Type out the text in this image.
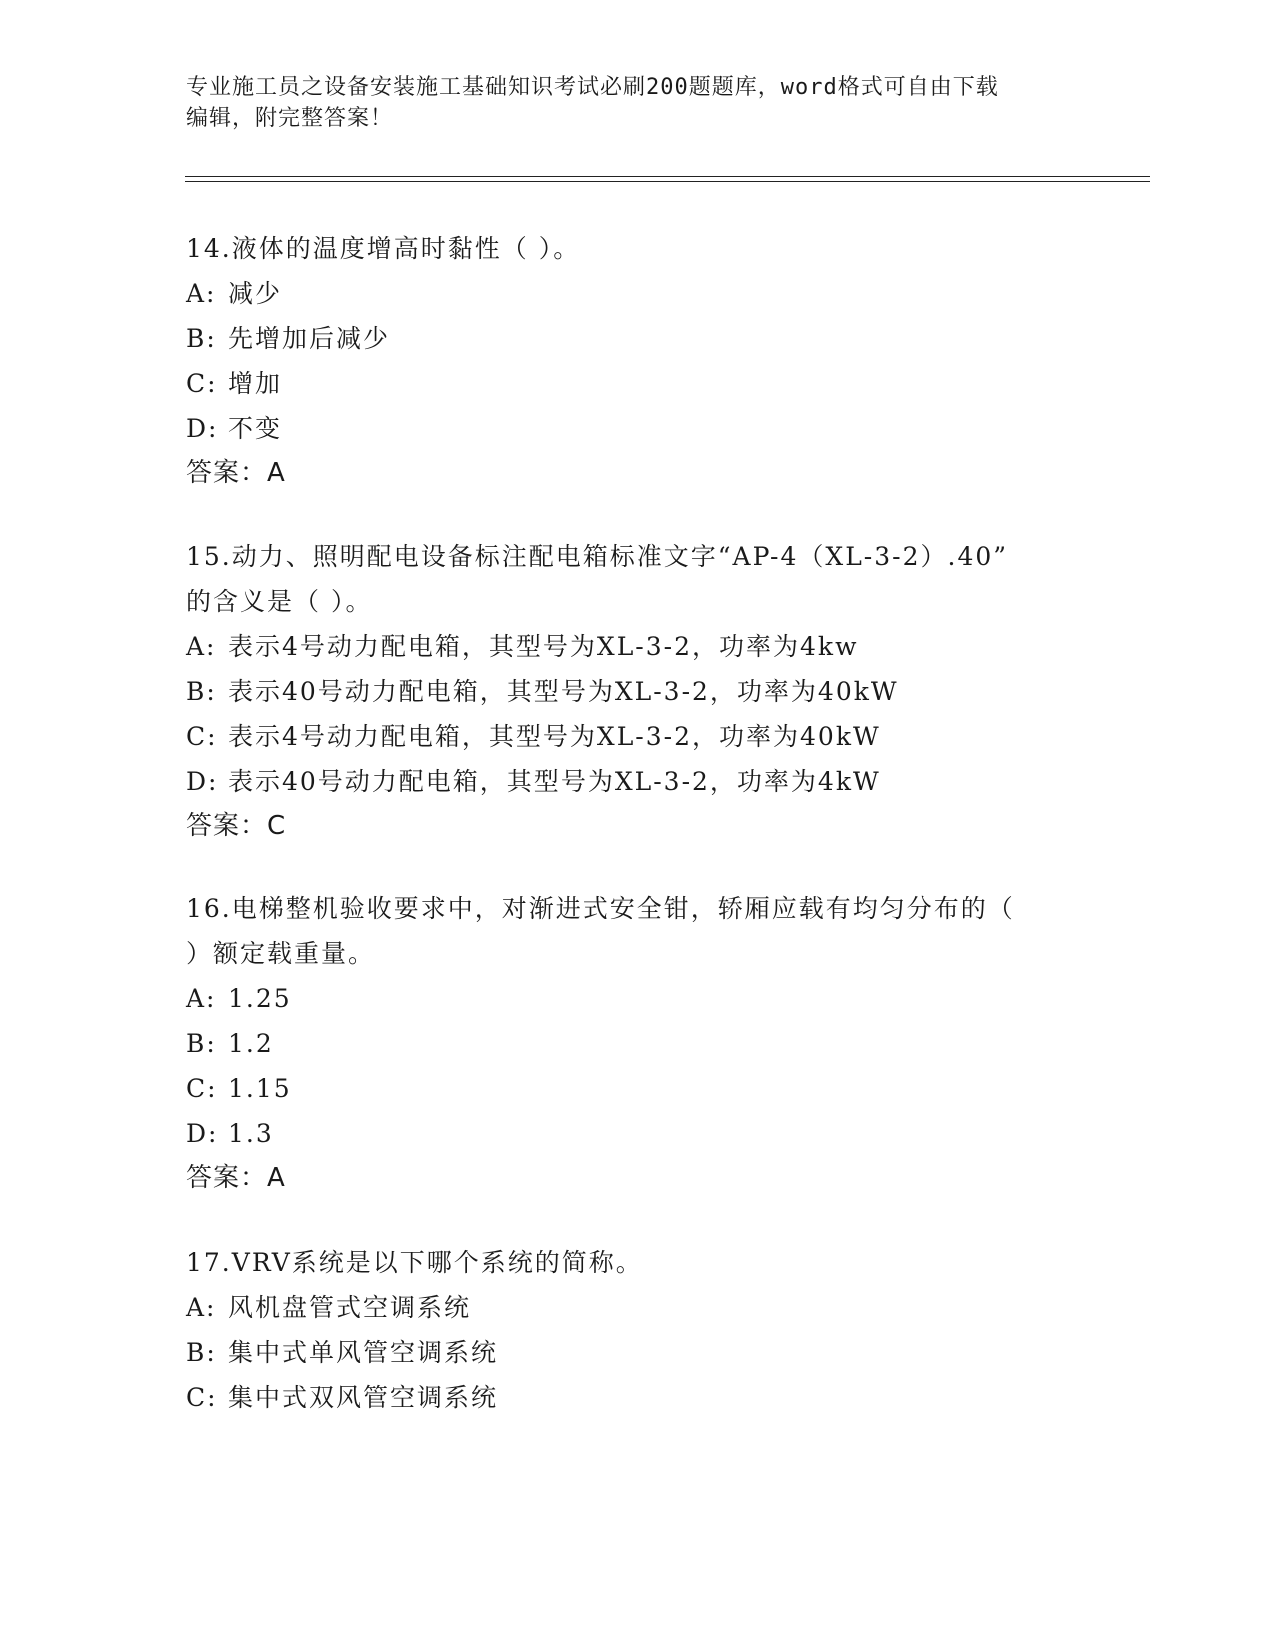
专业施工员之设备安装施工基础知识考试必刷200题题库，word格式可自由下载
编辑，附完整答案！
14.液体的温度增高时黏性（ ）。
A: 减少
B: 先增加后减少
C: 增加
D: 不变
答案：A
15.动力、照明配电设备标注配电箱标准文字“AP-4（XL-3-2）.40”
的含义是（ ）。
A: 表示4号动力配电箱，其型号为XL-3-2，功率为4kw
B: 表示40号动力配电箱，其型号为XL-3-2，功率为40kW
C: 表示4号动力配电箱，其型号为XL-3-2，功率为40kW
D: 表示40号动力配电箱，其型号为XL-3-2，功率为4kW
答案：C
16.电梯整机验收要求中，对渐进式安全钳，轿厢应载有均匀分布的（
）额定载重量。
A: 1.25
B: 1.2
C: 1.15
D: 1.3
答案：A
17.VRV系统是以下哪个系统的简称。
A: 风机盘管式空调系统
B: 集中式单风管空调系统
C: 集中式双风管空调系统
